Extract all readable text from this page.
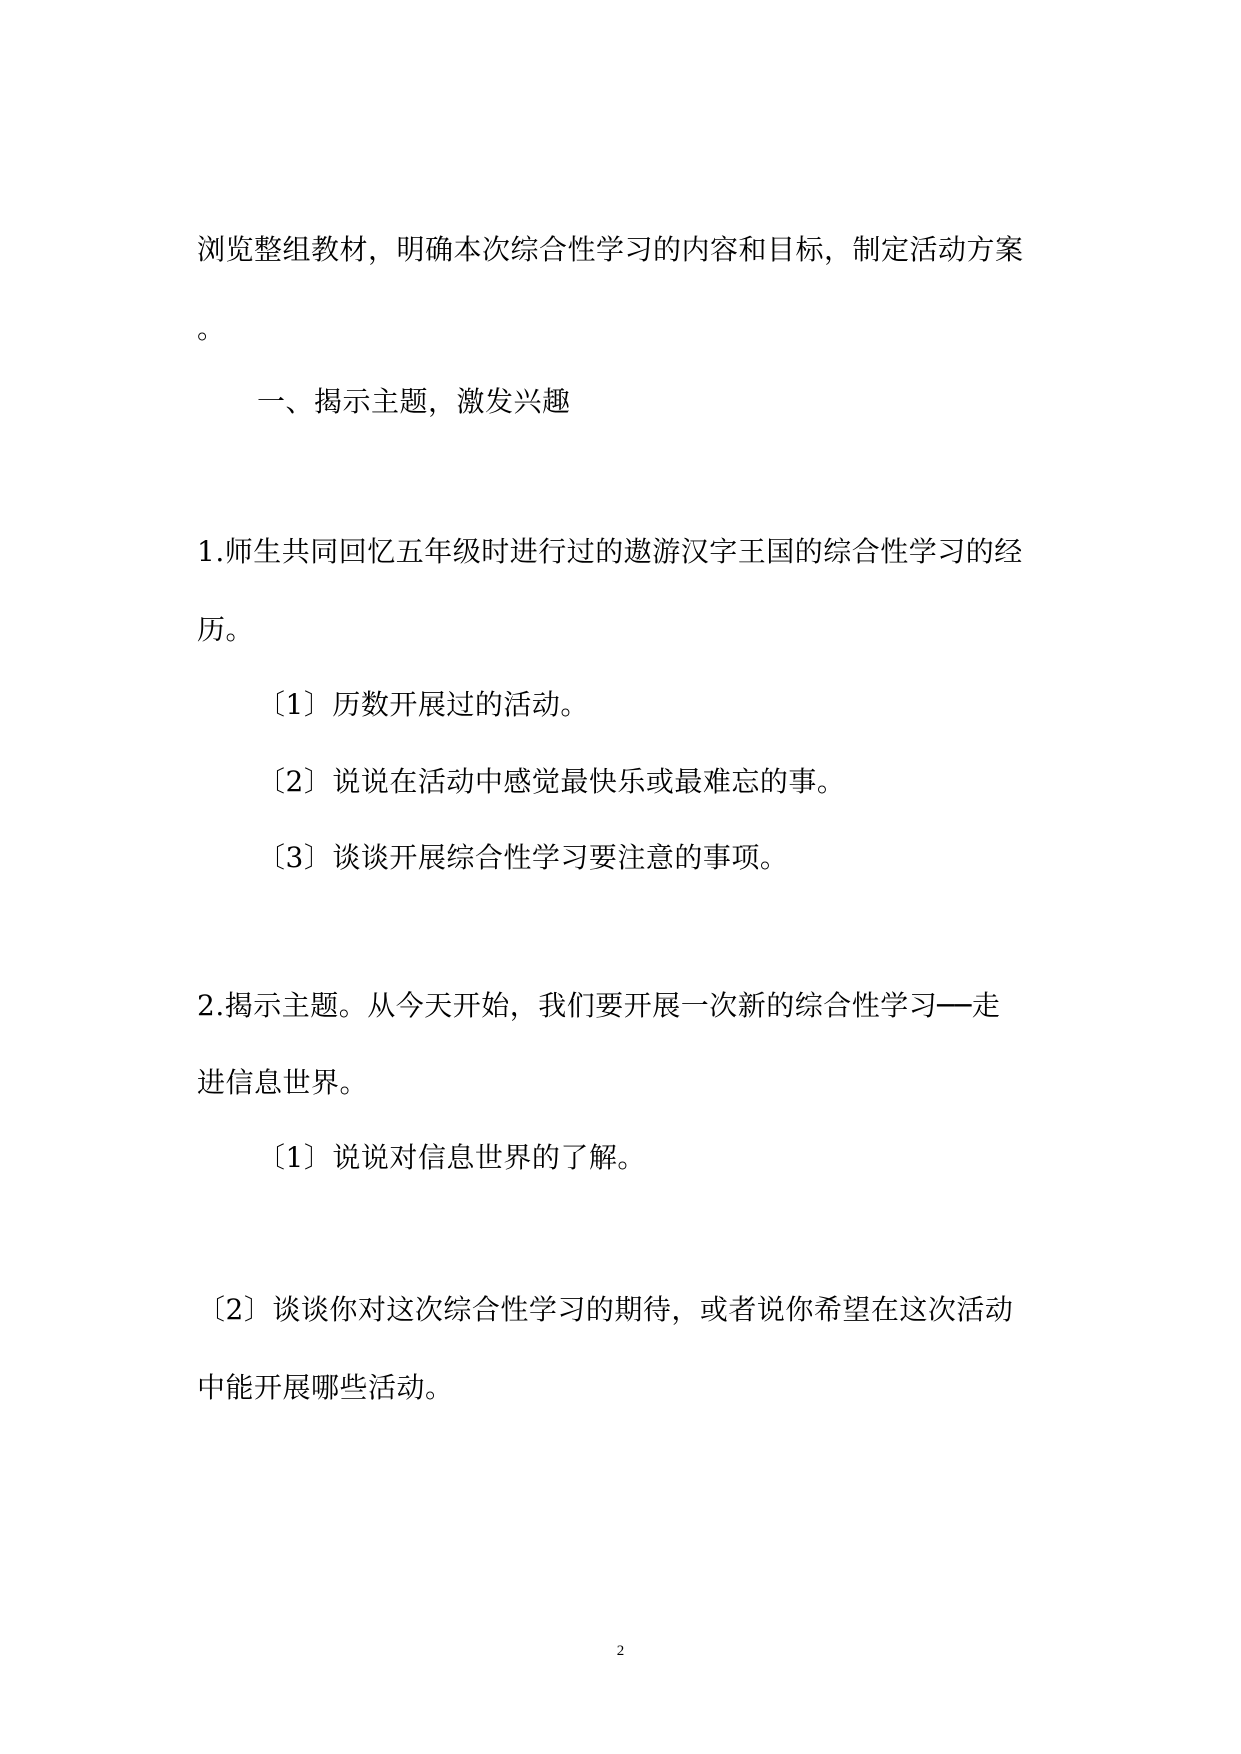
浏览整组教材，明确本次综合性学习的内容和目标，制定活动方案
。
一、揭示主题，激发兴趣
1.师生共同回忆五年级时进行过的遨游汉字王国的综合性学习的经
历。
〔1〕历数开展过的活动。
〔2〕说说在活动中感觉最快乐或最难忘的事。
〔3〕谈谈开展综合性学习要注意的事项。
2.揭示主题。从今天开始，我们要开展一次新的综合性学习──走
进信息世界。
〔1〕说说对信息世界的了解。
〔2〕谈谈你对这次综合性学习的期待，或者说你希望在这次活动
中能开展哪些活动。
2
